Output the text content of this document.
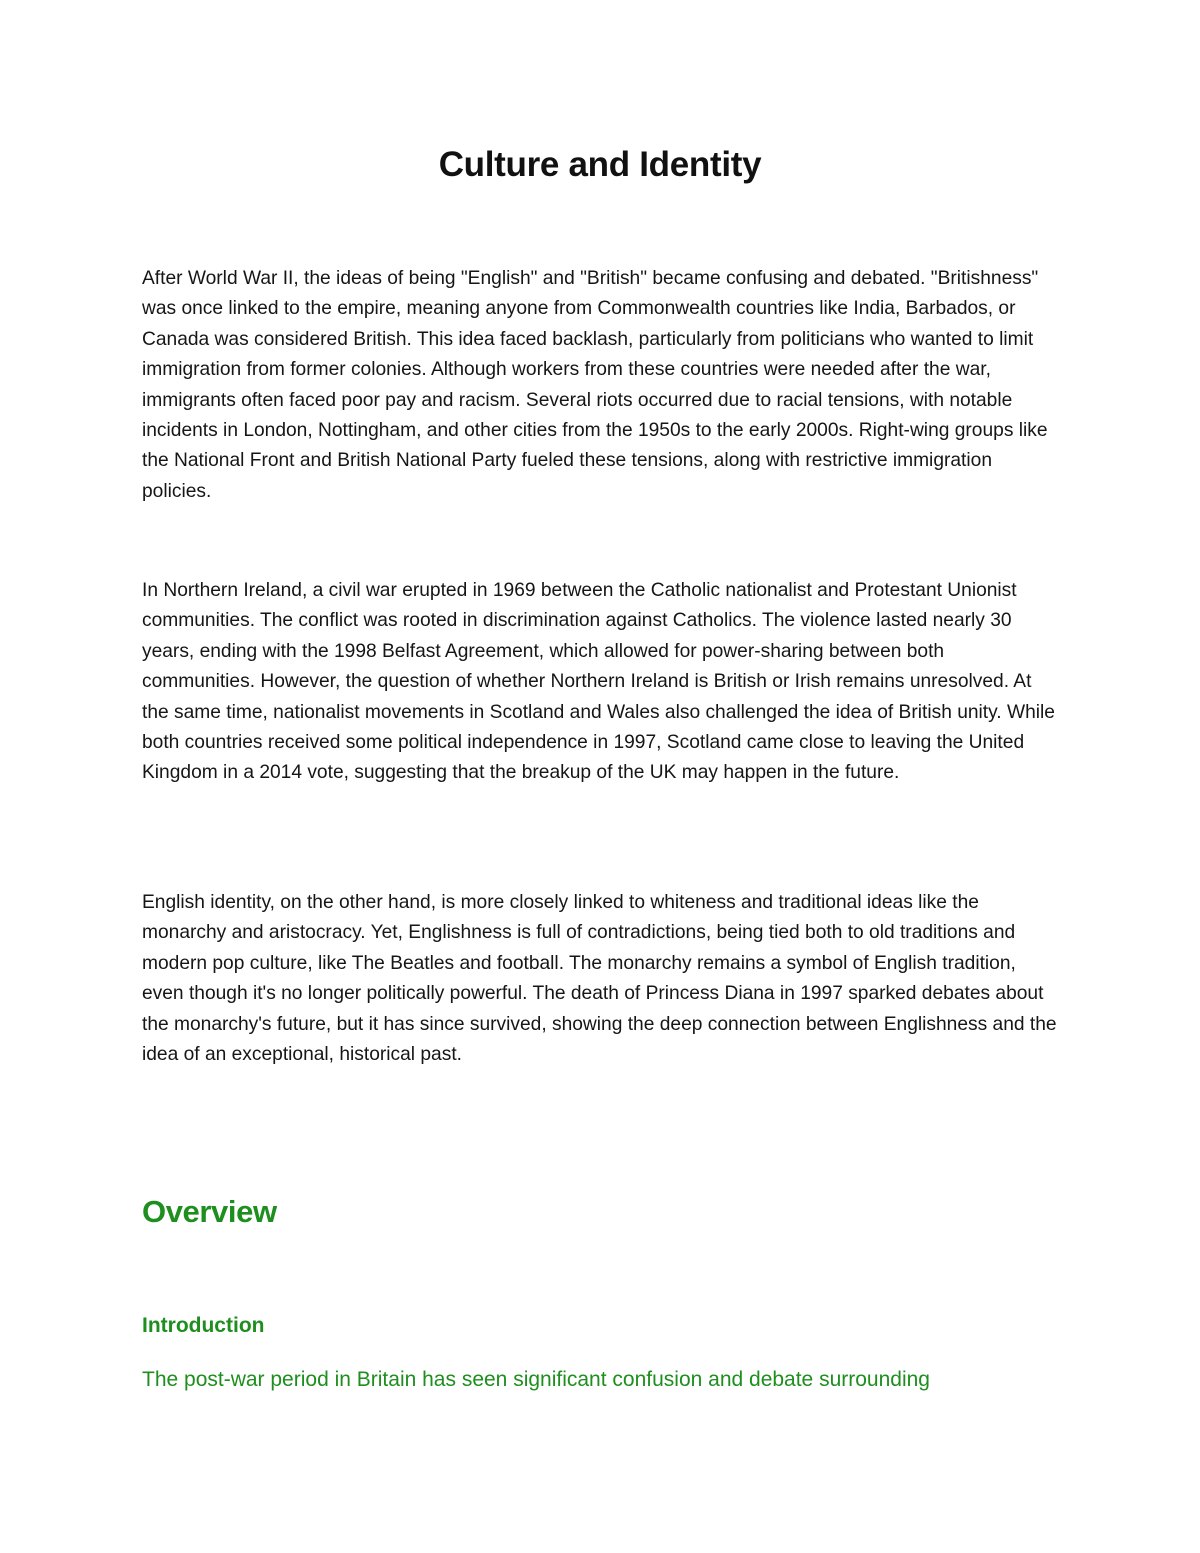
Culture and Identity

After World War II, the ideas of being "English" and "British" became confusing and debated. "Britishness" was once linked to the empire, meaning anyone from Commonwealth countries like India, Barbados, or Canada was considered British. This idea faced backlash, particularly from politicians who wanted to limit immigration from former colonies. Although workers from these countries were needed after the war, immigrants often faced poor pay and racism. Several riots occurred due to racial tensions, with notable incidents in London, Nottingham, and other cities from the 1950s to the early 2000s. Right-wing groups like the National Front and British National Party fueled these tensions, along with restrictive immigration policies.

In Northern Ireland, a civil war erupted in 1969 between the Catholic nationalist and Protestant Unionist communities. The conflict was rooted in discrimination against Catholics. The violence lasted nearly 30 years, ending with the 1998 Belfast Agreement, which allowed for power-sharing between both communities. However, the question of whether Northern Ireland is British or Irish remains unresolved. At the same time, nationalist movements in Scotland and Wales also challenged the idea of British unity. While both countries received some political independence in 1997, Scotland came close to leaving the United Kingdom in a 2014 vote, suggesting that the breakup of the UK may happen in the future.

English identity, on the other hand, is more closely linked to whiteness and traditional ideas like the monarchy and aristocracy. Yet, Englishness is full of contradictions, being tied both to old traditions and modern pop culture, like The Beatles and football. The monarchy remains a symbol of English tradition, even though it's no longer politically powerful. The death of Princess Diana in 1997 sparked debates about the monarchy's future, but it has since survived, showing the deep connection between Englishness and the idea of an exceptional, historical past.

Overview
Introduction

The post-war period in Britain has seen significant confusion and debate surrounding
